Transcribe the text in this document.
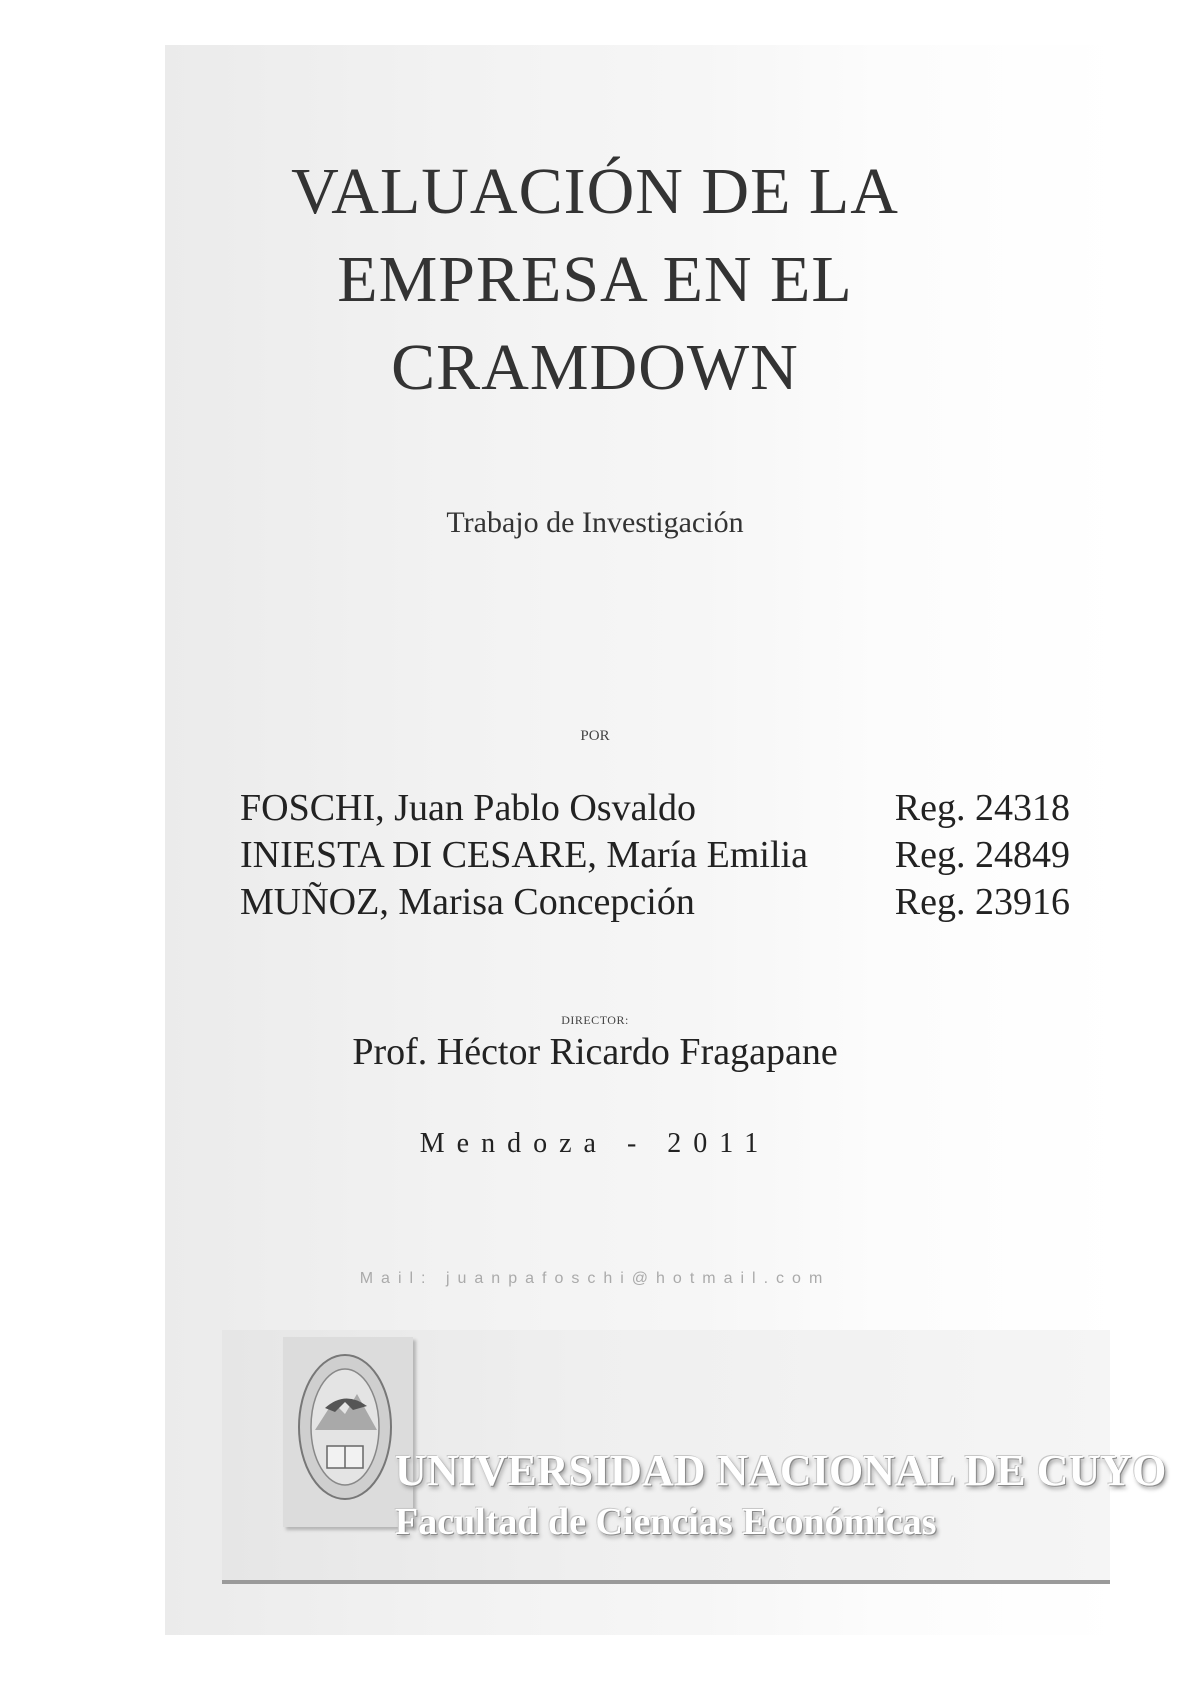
VALUACIÓN DE LA
EMPRESA EN EL
CRAMDOWN
Trabajo de Investigación
POR
FOSCHI, Juan Pablo Osvaldo	Reg. 24318
INIESTA DI CESARE, María Emilia Reg. 24849
MUÑOZ, Marisa Concepción	Reg. 23916
DIRECTOR:
Prof. Héctor Ricardo Fragapane
Mendoza - 2011
Mail: juanpafoschi@hotmail.com
UNIVERSIDAD NACIONAL DE CUYO
Facultad de Ciencias Económicas
